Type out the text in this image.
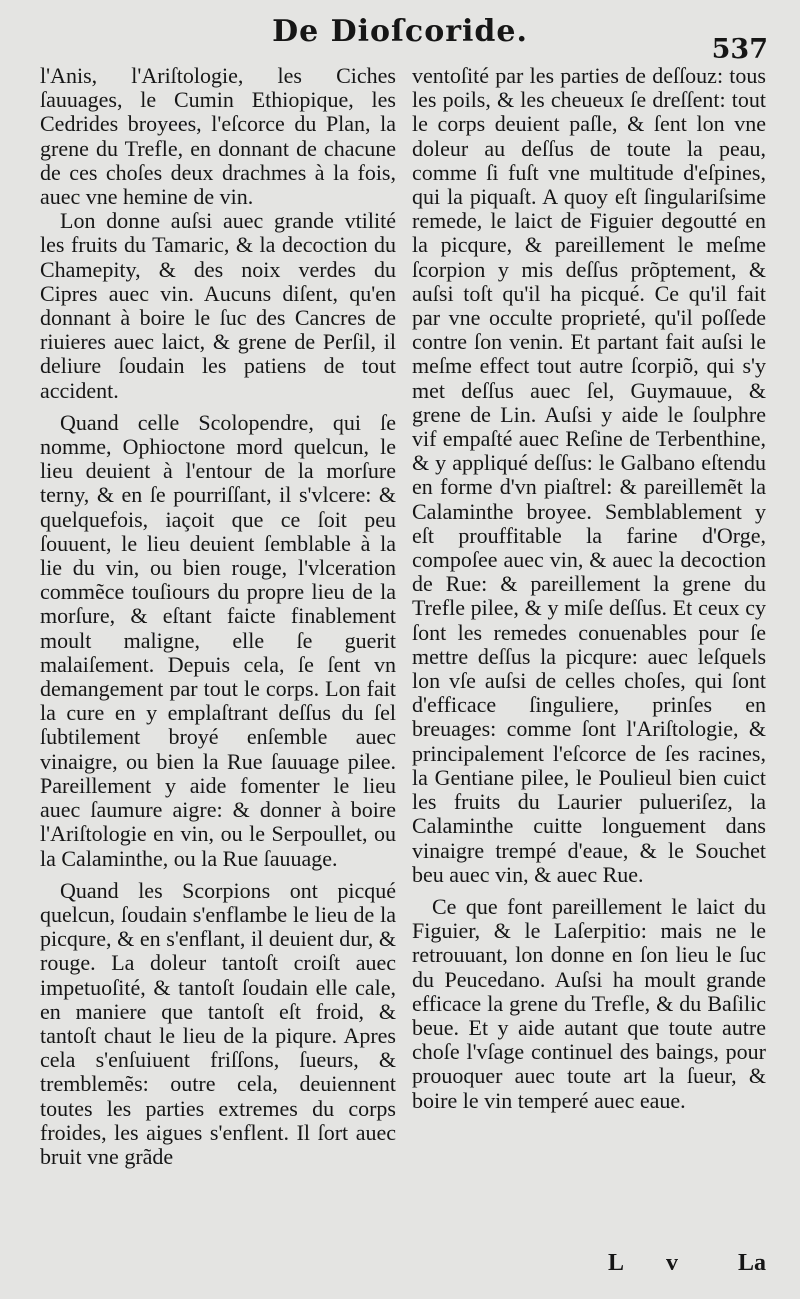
De Dioſcoride.
537

l'Anis, l'Ariſtologie, les Ciches ſauuages, le Cumin Ethiopique, les Cedrides broyees, l'eſcorce du Plan, la grene du Trefle, en donnant de chacune de ces choſes deux drachmes à la fois, auec vne hemine de vin.

Lon donne auſsi auec grande vtilité les fruits du Tamaric, & la decoction du Chamepity, & des noix verdes du Cipres auec vin. Aucuns diſent, qu'en donnant à boire le ſuc des Cancres de riuieres auec laict, & grene de Perſil, il deliure ſoudain les patiens de tout accident.

Quand celle Scolopendre, qui ſe nomme, Ophioctone mord quelcun, le lieu deuient à l'entour de la morſure terny, & en ſe pourriſſant, il s'vlcere: & quelquefois, iaçoit que ce ſoit peu ſouuent, le lieu deuient ſemblable à la lie du vin, ou bien rouge, l'vlceration commẽce touſiours du propre lieu de la morſure, & eſtant faicte finablement moult maligne, elle ſe guerit malaiſement. Depuis cela, ſe ſent vn demangement par tout le corps. Lon fait la cure en y emplaſtrant deſſus du ſel ſubtilement broyé enſemble auec vinaigre, ou bien la Rue ſauuage pilee. Pareillement y aide fomenter le lieu auec ſaumure aigre: & donner à boire l'Ariſtologie en vin, ou le Serpoullet, ou la Calaminthe, ou la Rue ſauuage.

Quand les Scorpions ont picqué quelcun, ſoudain s'enflambe le lieu de la picqure, & en s'enflant, il deuient dur, & rouge. La doleur tantoſt croiſt auec impetuoſité, & tantoſt ſoudain elle cale, en maniere que tantoſt eſt froid, & tantoſt chaut le lieu de la piqure. Apres cela s'enſuiuent friſſons, ſueurs, & tremblemẽs: outre cela, deuiennent toutes les parties extremes du corps froides, les aigues s'enflent. Il ſort auec bruit vne grãde

ventoſité par les parties de deſſouz: tous les poils, & les cheueux ſe dreſſent: tout le corps deuient paſle, & ſent lon vne doleur au deſſus de toute la peau, comme ſi fuſt vne multitude d'eſpines, qui la piquaſt. A quoy eſt ſingulariſsime remede, le laict de Figuier degoutté en la picqure, & pareillement le meſme ſcorpion y mis deſſus prõptement, & auſsi toſt qu'il ha picqué. Ce qu'il fait par vne occulte proprieté, qu'il poſſede contre ſon venin. Et partant fait auſsi le meſme effect tout autre ſcorpiõ, qui s'y met deſſus auec ſel, Guymauue, & grene de Lin. Auſsi y aide le ſoulphre vif empaſté auec Reſine de Terbenthine, & y appliqué deſſus: le Galbano eſtendu en forme d'vn piaſtrel: & pareillemẽt la Calaminthe broyee. Semblablement y eſt prouffitable la farine d'Orge, compoſee auec vin, & auec la decoction de Rue: & pareillement la grene du Trefle pilee, & y miſe deſſus. Et ceux cy ſont les remedes conuenables pour ſe mettre deſſus la picqure: auec leſquels lon vſe auſsi de celles choſes, qui ſont d'efficace ſinguliere, prinſes en breuages: comme ſont l'Ariſtologie, & principalement l'eſcorce de ſes racines, la Gentiane pilee, le Poulieul bien cuict les fruits du Laurier pulueriſez, la Calaminthe cuitte longuement dans vinaigre trempé d'eaue, & le Souchet beu auec vin, & auec Rue.

Ce que font pareillement le laict du Figuier, & le Laſerpitio: mais ne le retrouuant, lon donne en ſon lieu le ſuc du Peucedano. Auſsi ha moult grande efficace la grene du Trefle, & du Baſilic beue. Et y aide autant que toute autre choſe l'vſage continuel des baings, pour prouoquer auec toute art la ſueur, & boire le vin temperé auec eaue.

L v La
